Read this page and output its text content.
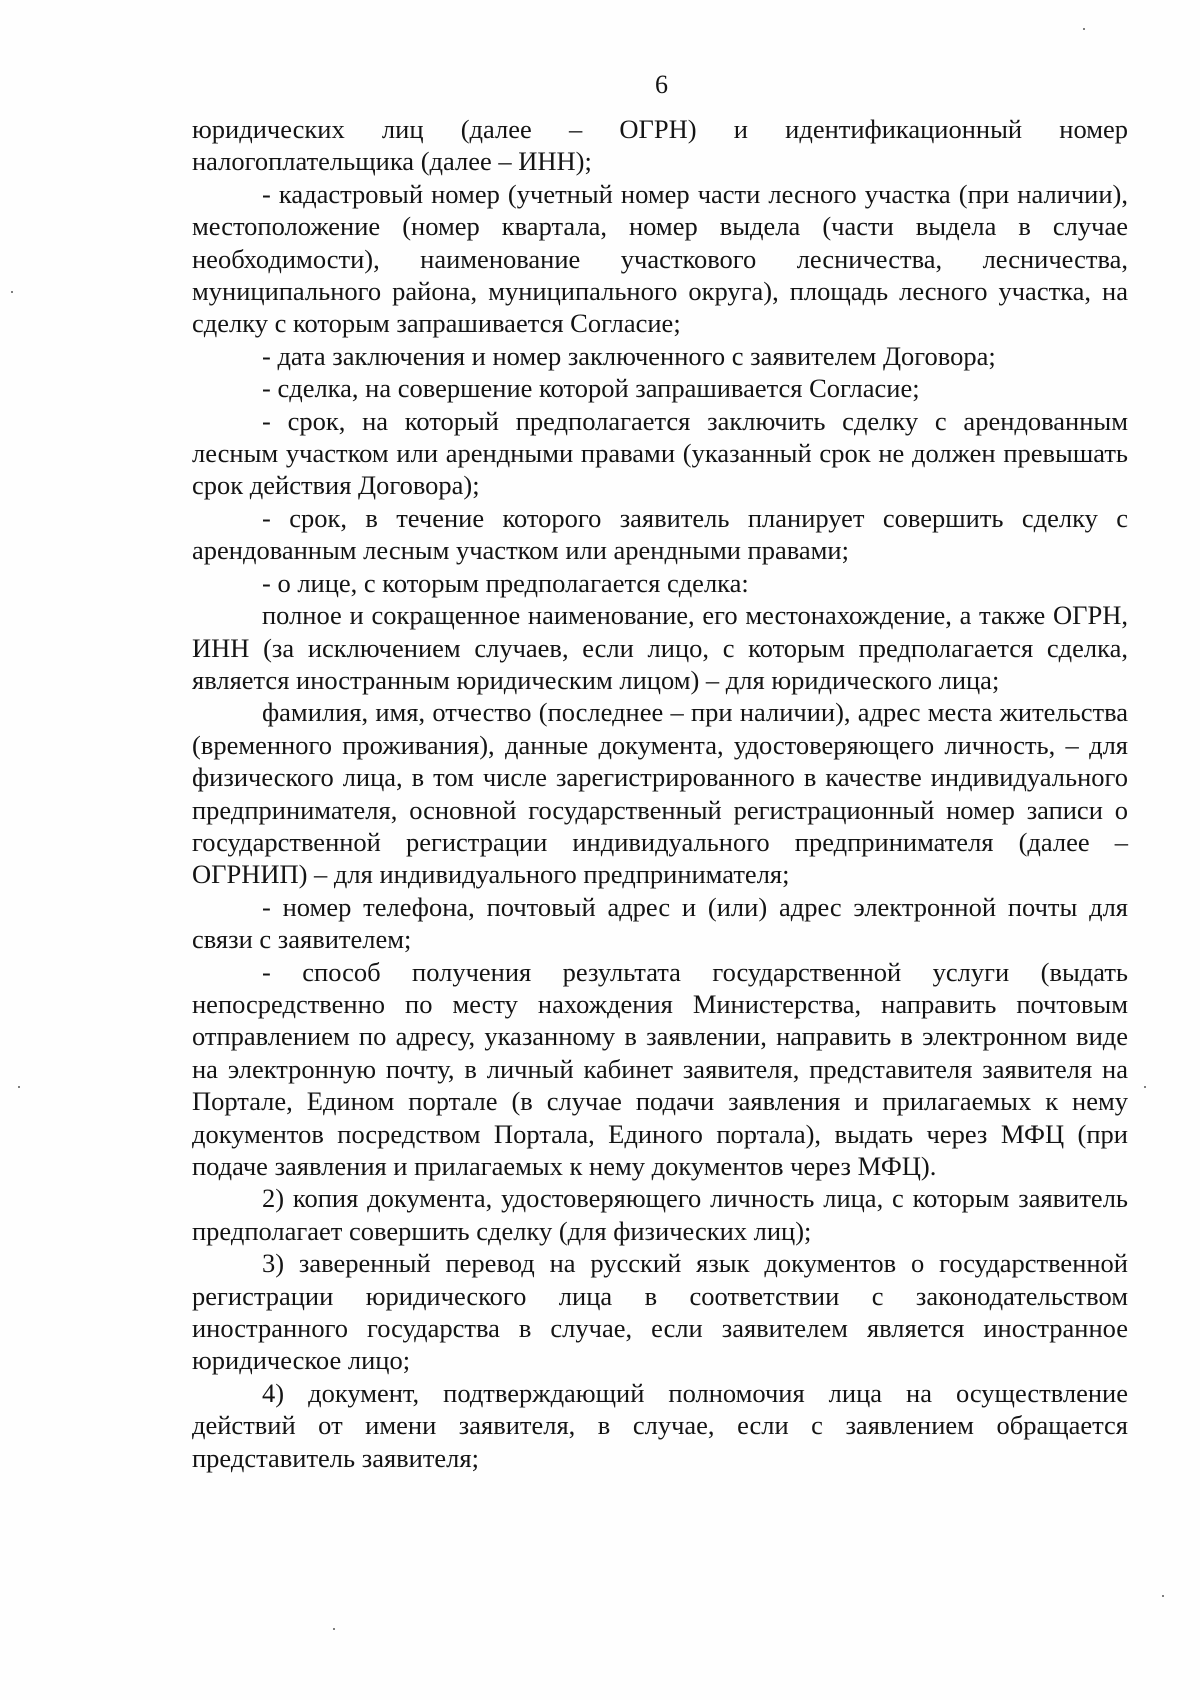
6

юридических лиц (далее – ОГРН) и идентификационный номер налогоплательщика (далее – ИНН);

- кадастровый номер (учетный номер части лесного участка (при наличии), местоположение (номер квартала, номер выдела (части выдела в случае необходимости), наименование участкового лесничества, лесничества, муниципального района, муниципального округа), площадь лесного участка, на сделку с которым запрашивается Согласие;

- дата заключения и номер заключенного с заявителем Договора;

- сделка, на совершение которой запрашивается Согласие;

- срок, на который предполагается заключить сделку с арендованным лесным участком или арендными правами (указанный срок не должен превышать срок действия Договора);

- срок, в течение которого заявитель планирует совершить сделку с арендованным лесным участком или арендными правами;

- о лице, с которым предполагается сделка:

полное и сокращенное наименование, его местонахождение, а также ОГРН, ИНН (за исключением случаев, если лицо, с которым предполагается сделка, является иностранным юридическим лицом) – для юридического лица;

фамилия, имя, отчество (последнее – при наличии), адрес места жительства (временного проживания), данные документа, удостоверяющего личность, – для физического лица, в том числе зарегистрированного в качестве индивидуального предпринимателя, основной государственный регистрационный номер записи о государственной регистрации индивидуального предпринимателя (далее – ОГРНИП) – для индивидуального предпринимателя;

- номер телефона, почтовый адрес и (или) адрес электронной почты для связи с заявителем;

- способ получения результата государственной услуги (выдать непосредственно по месту нахождения Министерства, направить почтовым отправлением по адресу, указанному в заявлении, направить в электронном виде на электронную почту, в личный кабинет заявителя, представителя заявителя на Портале, Едином портале (в случае подачи заявления и прилагаемых к нему документов посредством Портала, Единого портала), выдать через МФЦ (при подаче заявления и прилагаемых к нему документов через МФЦ).

2) копия документа, удостоверяющего личность лица, с которым заявитель предполагает совершить сделку (для физических лиц);

3) заверенный перевод на русский язык документов о государственной регистрации юридического лица в соответствии с законодательством иностранного государства в случае, если заявителем является иностранное юридическое лицо;

4) документ, подтверждающий полномочия лица на осуществление действий от имени заявителя, в случае, если с заявлением обращается представитель заявителя;
